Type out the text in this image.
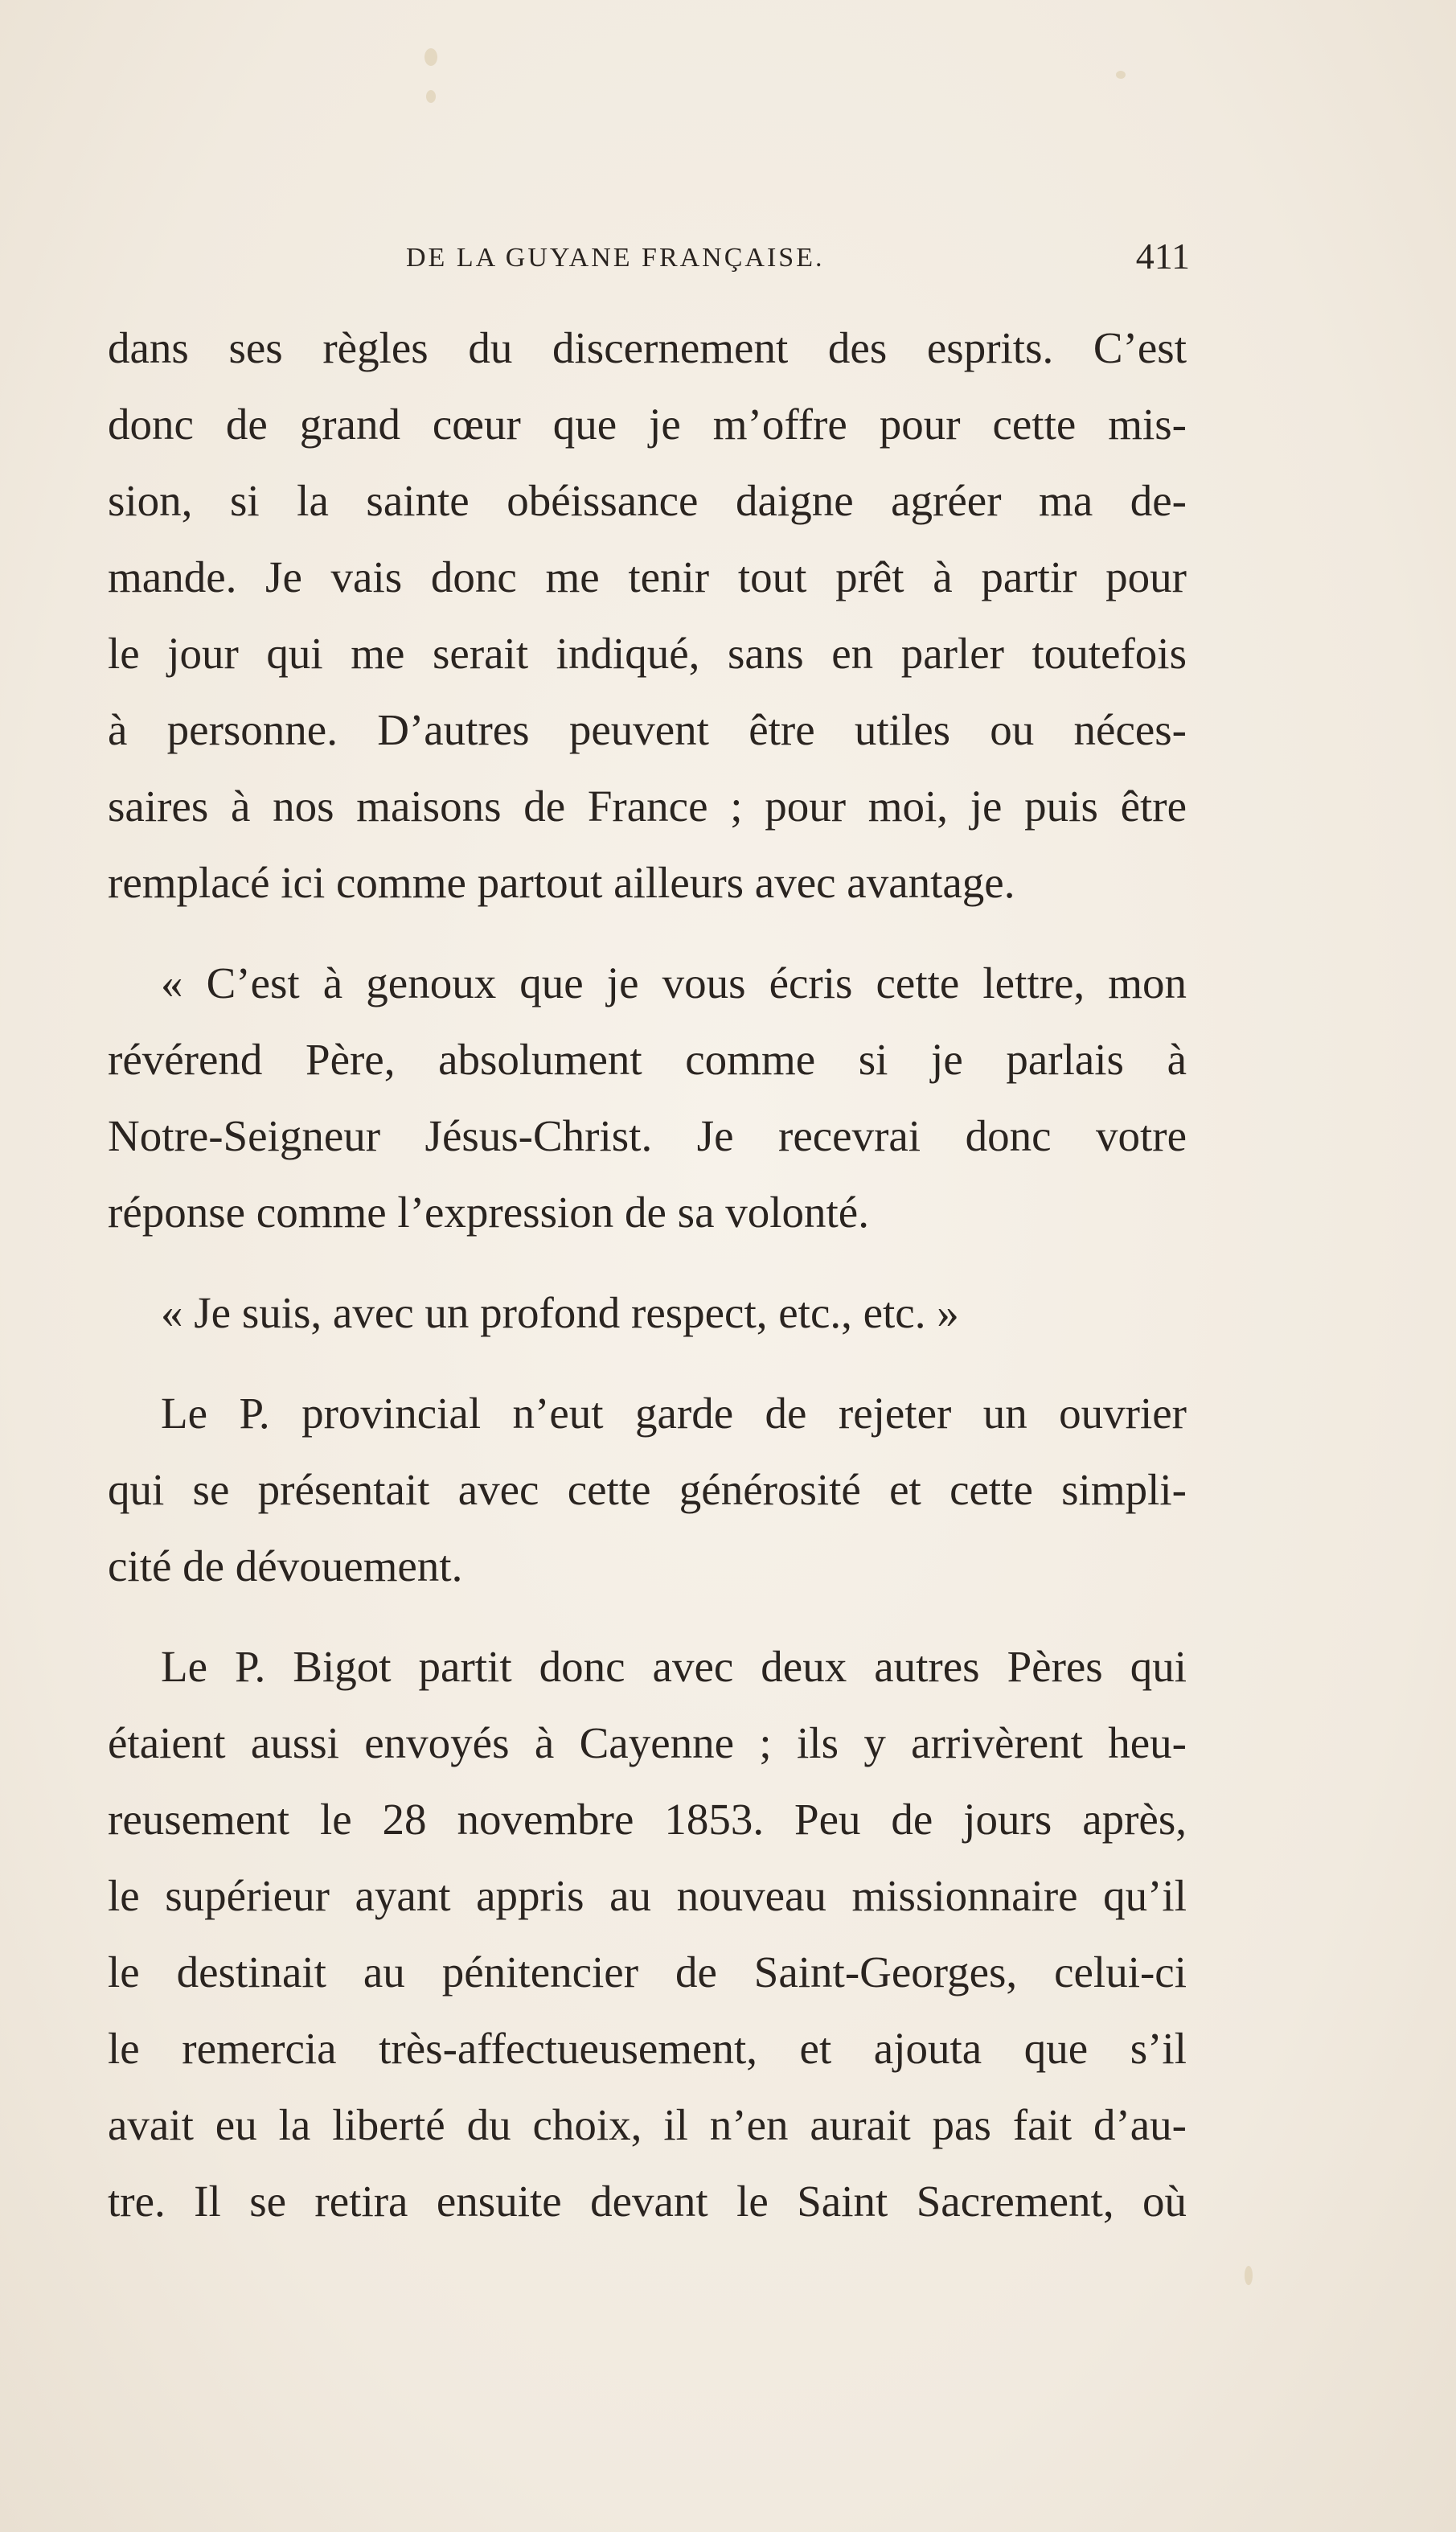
DE LA GUYANE FRANÇAISE.	411
dans ses règles du discernement des esprits. C’est
donc de grand cœur que je m’offre pour cette mis-
sion, si la sainte obéissance daigne agréer ma de-
mande. Je vais donc me tenir tout prêt à partir pour
le jour qui me serait indiqué, sans en parler toutefois
à personne. D’autres peuvent être utiles ou néces-
saires à nos maisons de France ; pour moi, je puis être
remplacé ici comme partout ailleurs avec avantage.
« C’est à genoux que je vous écris cette lettre, mon
révérend Père, absolument comme si je parlais à
Notre-Seigneur Jésus-Christ. Je recevrai donc votre
réponse comme l’expression de sa volonté.
« Je suis, avec un profond respect, etc., etc. »
Le P. provincial n’eut garde de rejeter un ouvrier
qui se présentait avec cette générosité et cette simpli-
cité de dévouement.
Le P. Bigot partit donc avec deux autres Pères qui
étaient aussi envoyés à Cayenne ; ils y arrivèrent heu-
reusement le 28 novembre 1853. Peu de jours après,
le supérieur ayant appris au nouveau missionnaire qu’il
le destinait au pénitencier de Saint-Georges, celui-ci
le remercia très-affectueusement, et ajouta que s’il
avait eu la liberté du choix, il n’en aurait pas fait d’au-
tre. Il se retira ensuite devant le Saint Sacrement, où
